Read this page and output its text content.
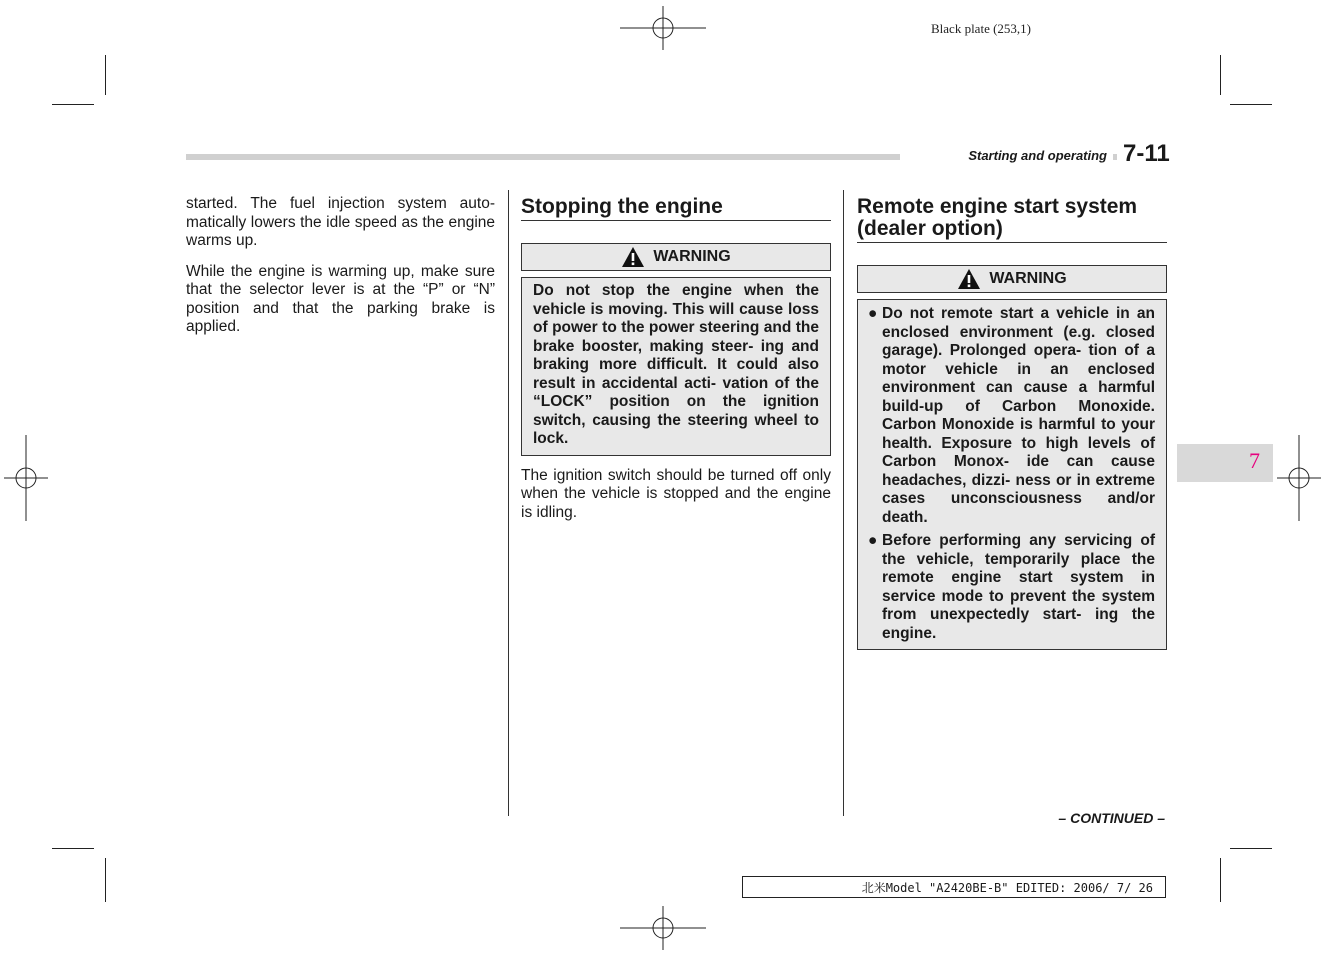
Black plate (253,1)
Starting and operating 7-11
7

started. The fuel injection system auto- matically lowers the idle speed as the engine warms up.

While the engine is warming up, make sure that the selector lever is at the “P” or “N” position and that the parking brake is applied.

Stopping the engine
WARNING
Do not stop the engine when the vehicle is moving. This will cause loss of power to the power steering and the brake booster, making steer- ing and braking more difficult. It could also result in accidental acti- vation of the “LOCK” position on the ignition switch, causing the steering wheel to lock.

The ignition switch should be turned off only when the vehicle is stopped and the engine is idling.

Remote engine start system (dealer option)
WARNING
● Do not remote start a vehicle in an enclosed environment (e.g. closed garage). Prolonged opera- tion of a motor vehicle in an enclosed environment can cause a harmful build-up of Carbon Monoxide. Carbon Monoxide is harmful to your health. Exposure to high levels of Carbon Monox- ide can cause headaches, dizzi- ness or in extreme cases unconsciousness and/or death.
● Before performing any servicing of the vehicle, temporarily place the remote engine start system in service mode to prevent the system from unexpectedly start- ing the engine.
– CONTINUED –
北米Model "A2420BE-B" EDITED: 2006/ 7/ 26
